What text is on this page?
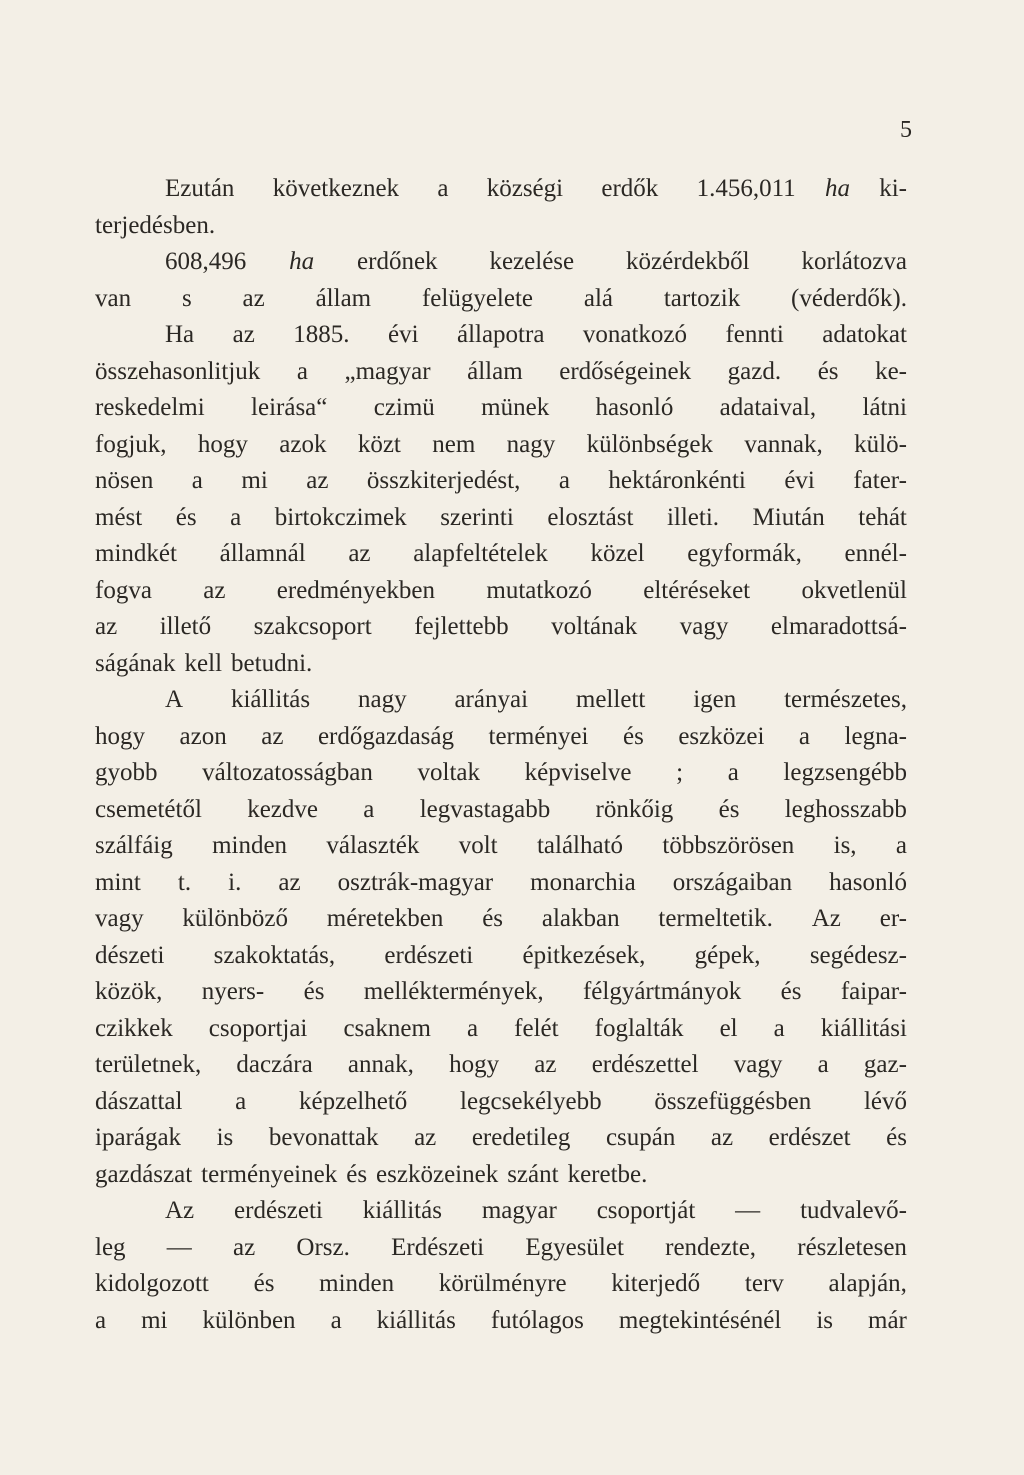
5
Ezután következnek a községi erdők 1.456,011 ha ki-
terjedésben.
608,496 ha erdőnek kezelése közérdekből korlátozva
van s az állam felügyelete alá tartozik (véderdők).
Ha az 1885. évi állapotra vonatkozó fennti adatokat
összehasonlitjuk a „magyar állam erdőségeinek gazd. és ke-
reskedelmi leirása“ czimü münek hasonló adataival, látni
fogjuk, hogy azok közt nem nagy különbségek vannak, külö-
nösen a mi az összkiterjedést, a hektáronkénti évi fater-
mést és a birtokczimek szerinti elosztást illeti. Miután tehát
mindkét államnál az alapfeltételek közel egyformák, ennél-
fogva az eredményekben mutatkozó eltéréseket okvetlenül
az illető szakcsoport fejlettebb voltának vagy elmaradottsá-
ságának kell betudni.
A kiállitás nagy arányai mellett igen természetes,
hogy azon az erdőgazdaság terményei és eszközei a legna-
gyobb változatosságban voltak képviselve ; a legzsengébb
csemetétől kezdve a legvastagabb rönkőig és leghosszabb
szálfáig minden választék volt található többszörösen is, a
mint t. i. az osztrák-magyar monarchia országaiban hasonló
vagy különböző méretekben és alakban termeltetik. Az er-
dészeti szakoktatás, erdészeti épitkezések, gépek, segédesz-
közök, nyers- és melléktermények, félgyártmányok és faipar-
czikkek csoportjai csaknem a felét foglalták el a kiállitási
területnek, daczára annak, hogy az erdészettel vagy a gaz-
dászattal a képzelhető legcsekélyebb összefüggésben lévő
iparágak is bevonattak az eredetileg csupán az erdészet és
gazdászat terményeinek és eszközeinek szánt keretbe.
Az erdészeti kiállitás magyar csoportját — tudvalevő-
leg — az Orsz. Erdészeti Egyesület rendezte, részletesen
kidolgozott és minden körülményre kiterjedő terv alapján,
a mi különben a kiállitás futólagos megtekintésénél is már
